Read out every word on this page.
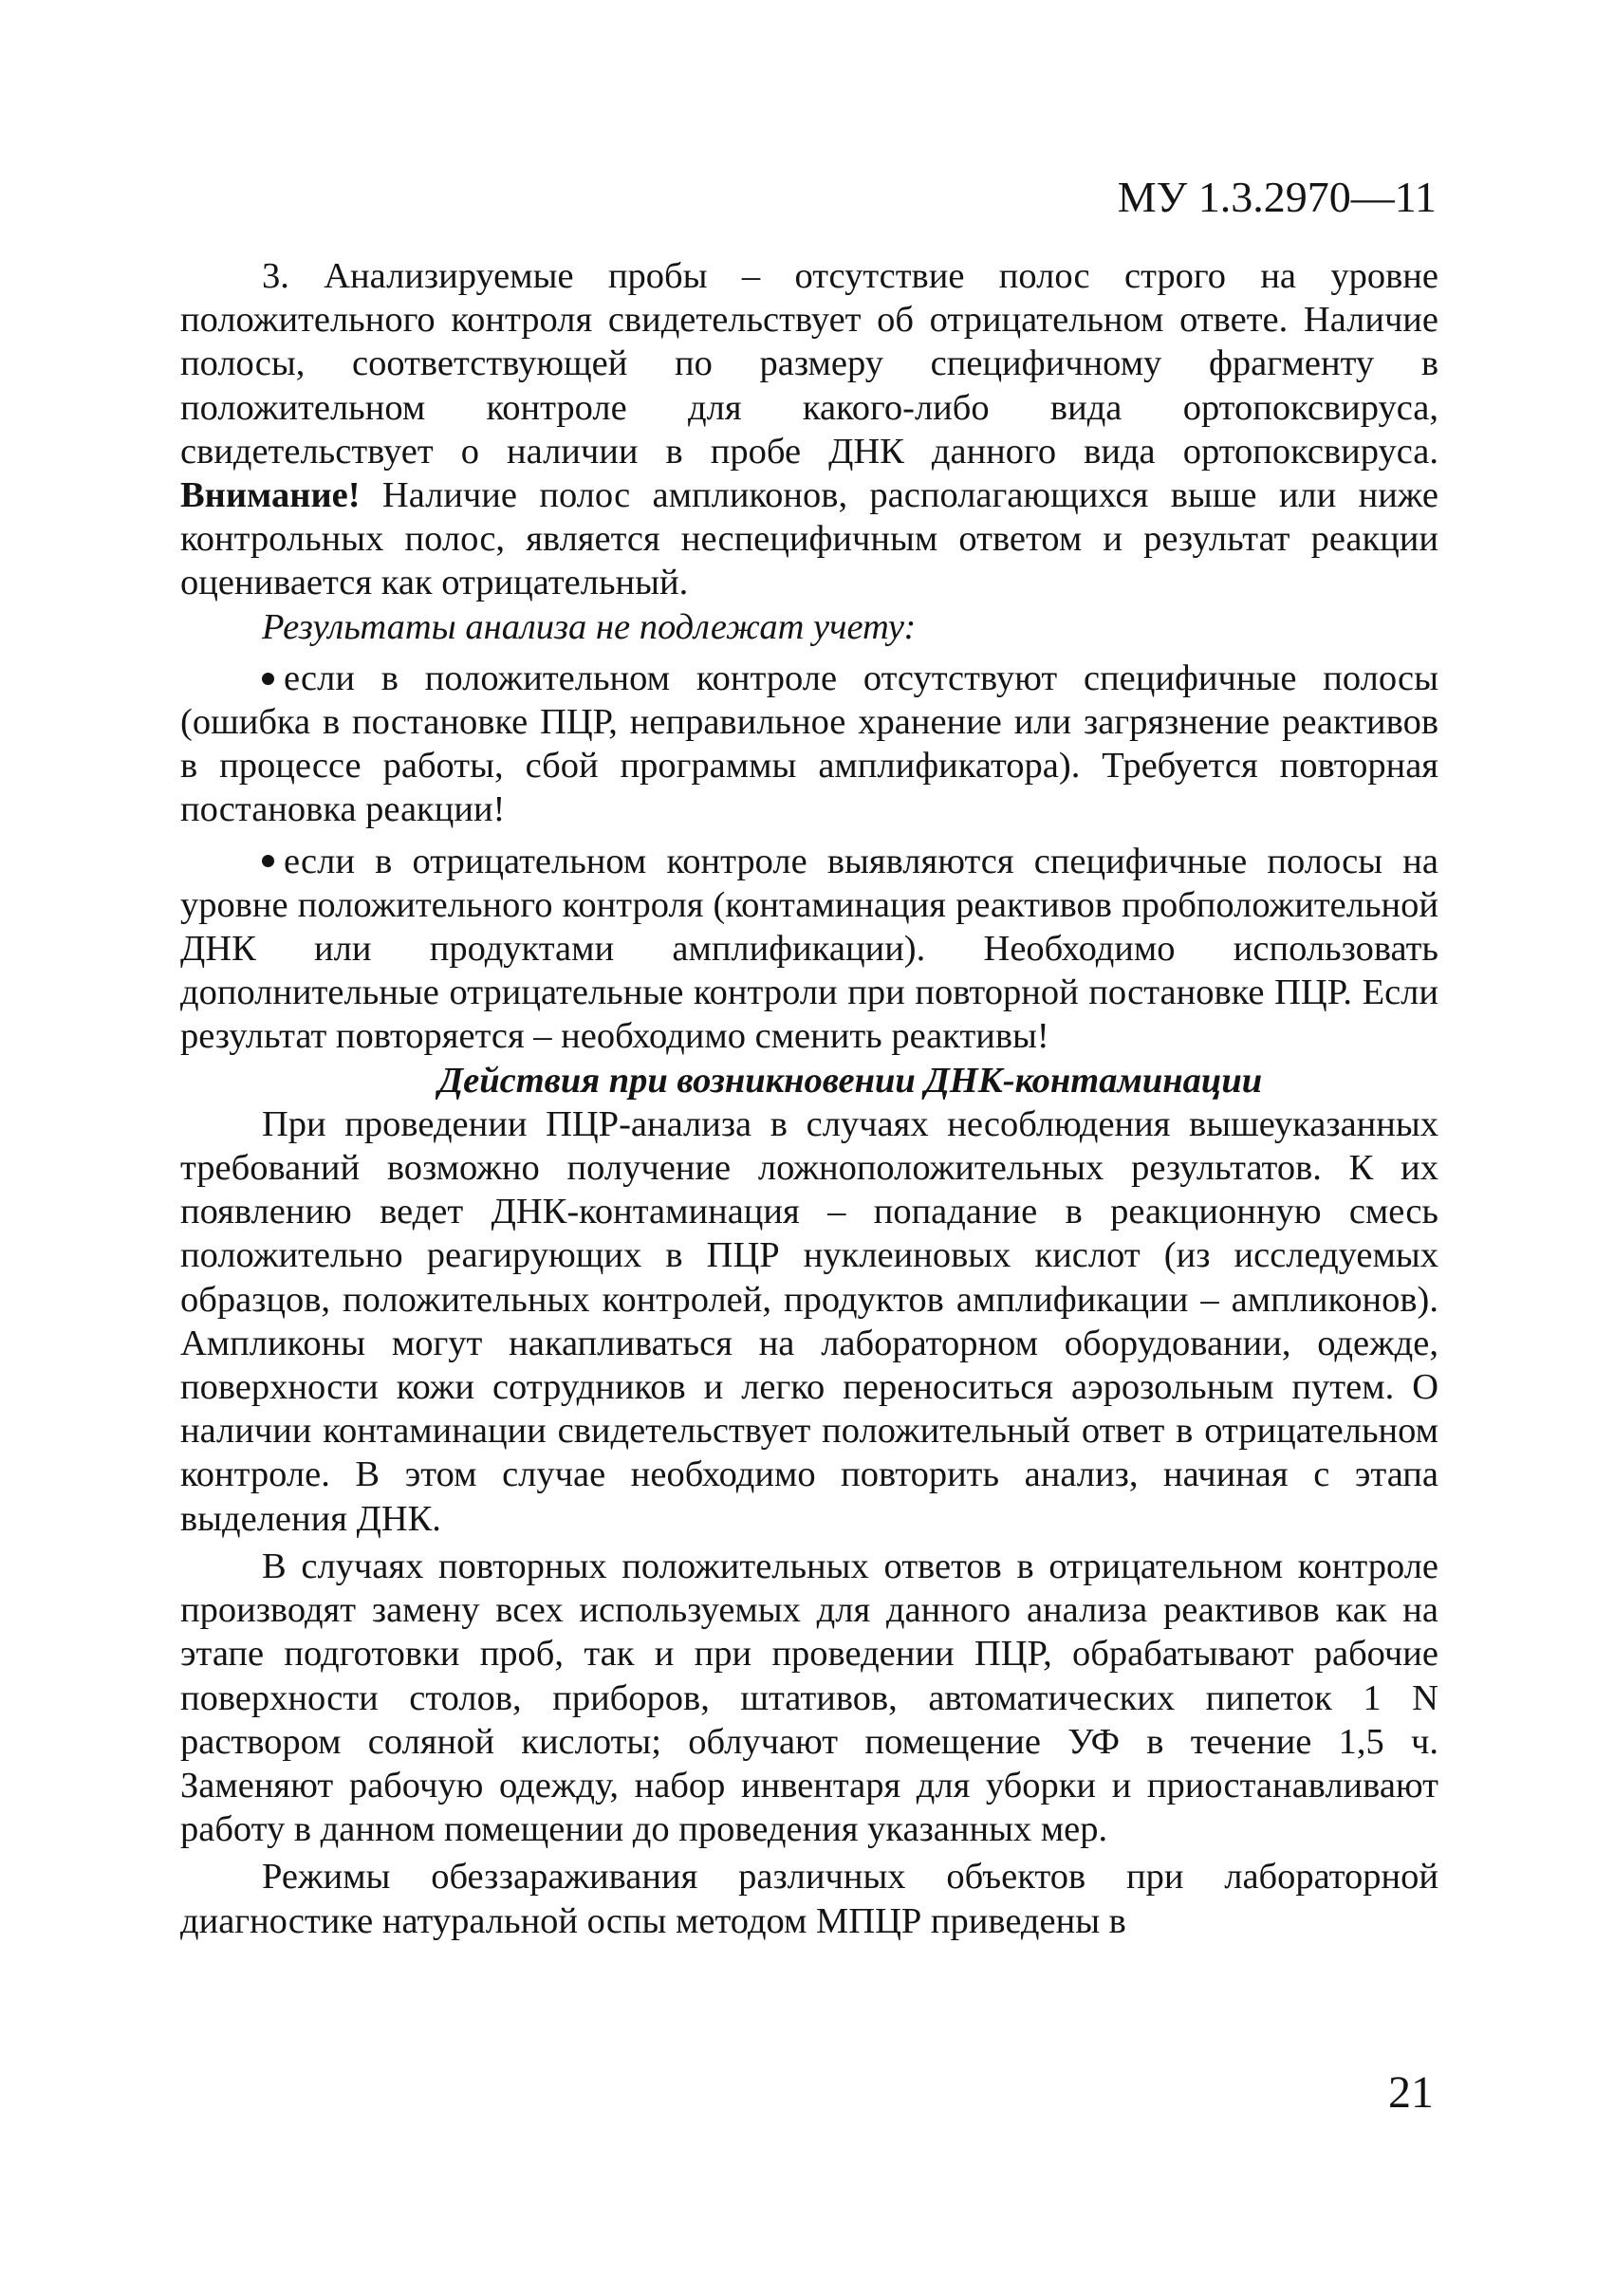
МУ 1.3.2970—11

3. Анализируемые пробы – отсутствие полос строго на уровне положительного контроля свидетельствует об отрицательном ответе. Наличие полосы, соответствующей по размеру специфичному фрагменту в положительном контроле для какого-либо вида ортопоксвируса, свидетельствует о наличии в пробе ДНК данного вида ортопоксвируса. Внимание! Наличие полос ампликонов, располагающихся выше или ниже контрольных полос, является неспецифичным ответом и результат реакции оценивается как отрицательный.

Результаты анализа не подлежат учету:

если в положительном контроле отсутствуют специфичные полосы (ошибка в постановке ПЦР, неправильное хранение или загрязнение реактивов в процессе работы, сбой программы амплификатора). Требуется повторная постановка реакции!

если в отрицательном контроле выявляются специфичные полосы на уровне положительного контроля (контаминация реактивов пробположительной ДНК или продуктами амплификации). Необходимо использовать дополнительные отрицательные контроли при повторной постановке ПЦР. Если результат повторяется – необходимо сменить реактивы!

Действия при возникновении ДНК-контаминации

При проведении ПЦР-анализа в случаях несоблюдения вышеуказанных требований возможно получение ложноположительных результатов. К их появлению ведет ДНК-контаминация – попадание в реакционную смесь положительно реагирующих в ПЦР нуклеиновых кислот (из исследуемых образцов, положительных контролей, продуктов амплификации – ампликонов). Ампликоны могут накапливаться на лабораторном оборудовании, одежде, поверхности кожи сотрудников и легко переноситься аэрозольным путем. О наличии контаминации свидетельствует положительный ответ в отрицательном контроле. В этом случае необходимо повторить анализ, начиная с этапа выделения ДНК.

В случаях повторных положительных ответов в отрицательном контроле производят замену всех используемых для данного анализа реактивов как на этапе подготовки проб, так и при проведении ПЦР, обрабатывают рабочие поверхности столов, приборов, штативов, автоматических пипеток 1 N раствором соляной кислоты; облучают помещение УФ в течение 1,5 ч. Заменяют рабочую одежду, набор инвентаря для уборки и приостанавливают работу в данном помещении до проведения указанных мер.

Режимы обеззараживания различных объектов при лабораторной диагностике натуральной оспы методом МПЦР приведены в

21
